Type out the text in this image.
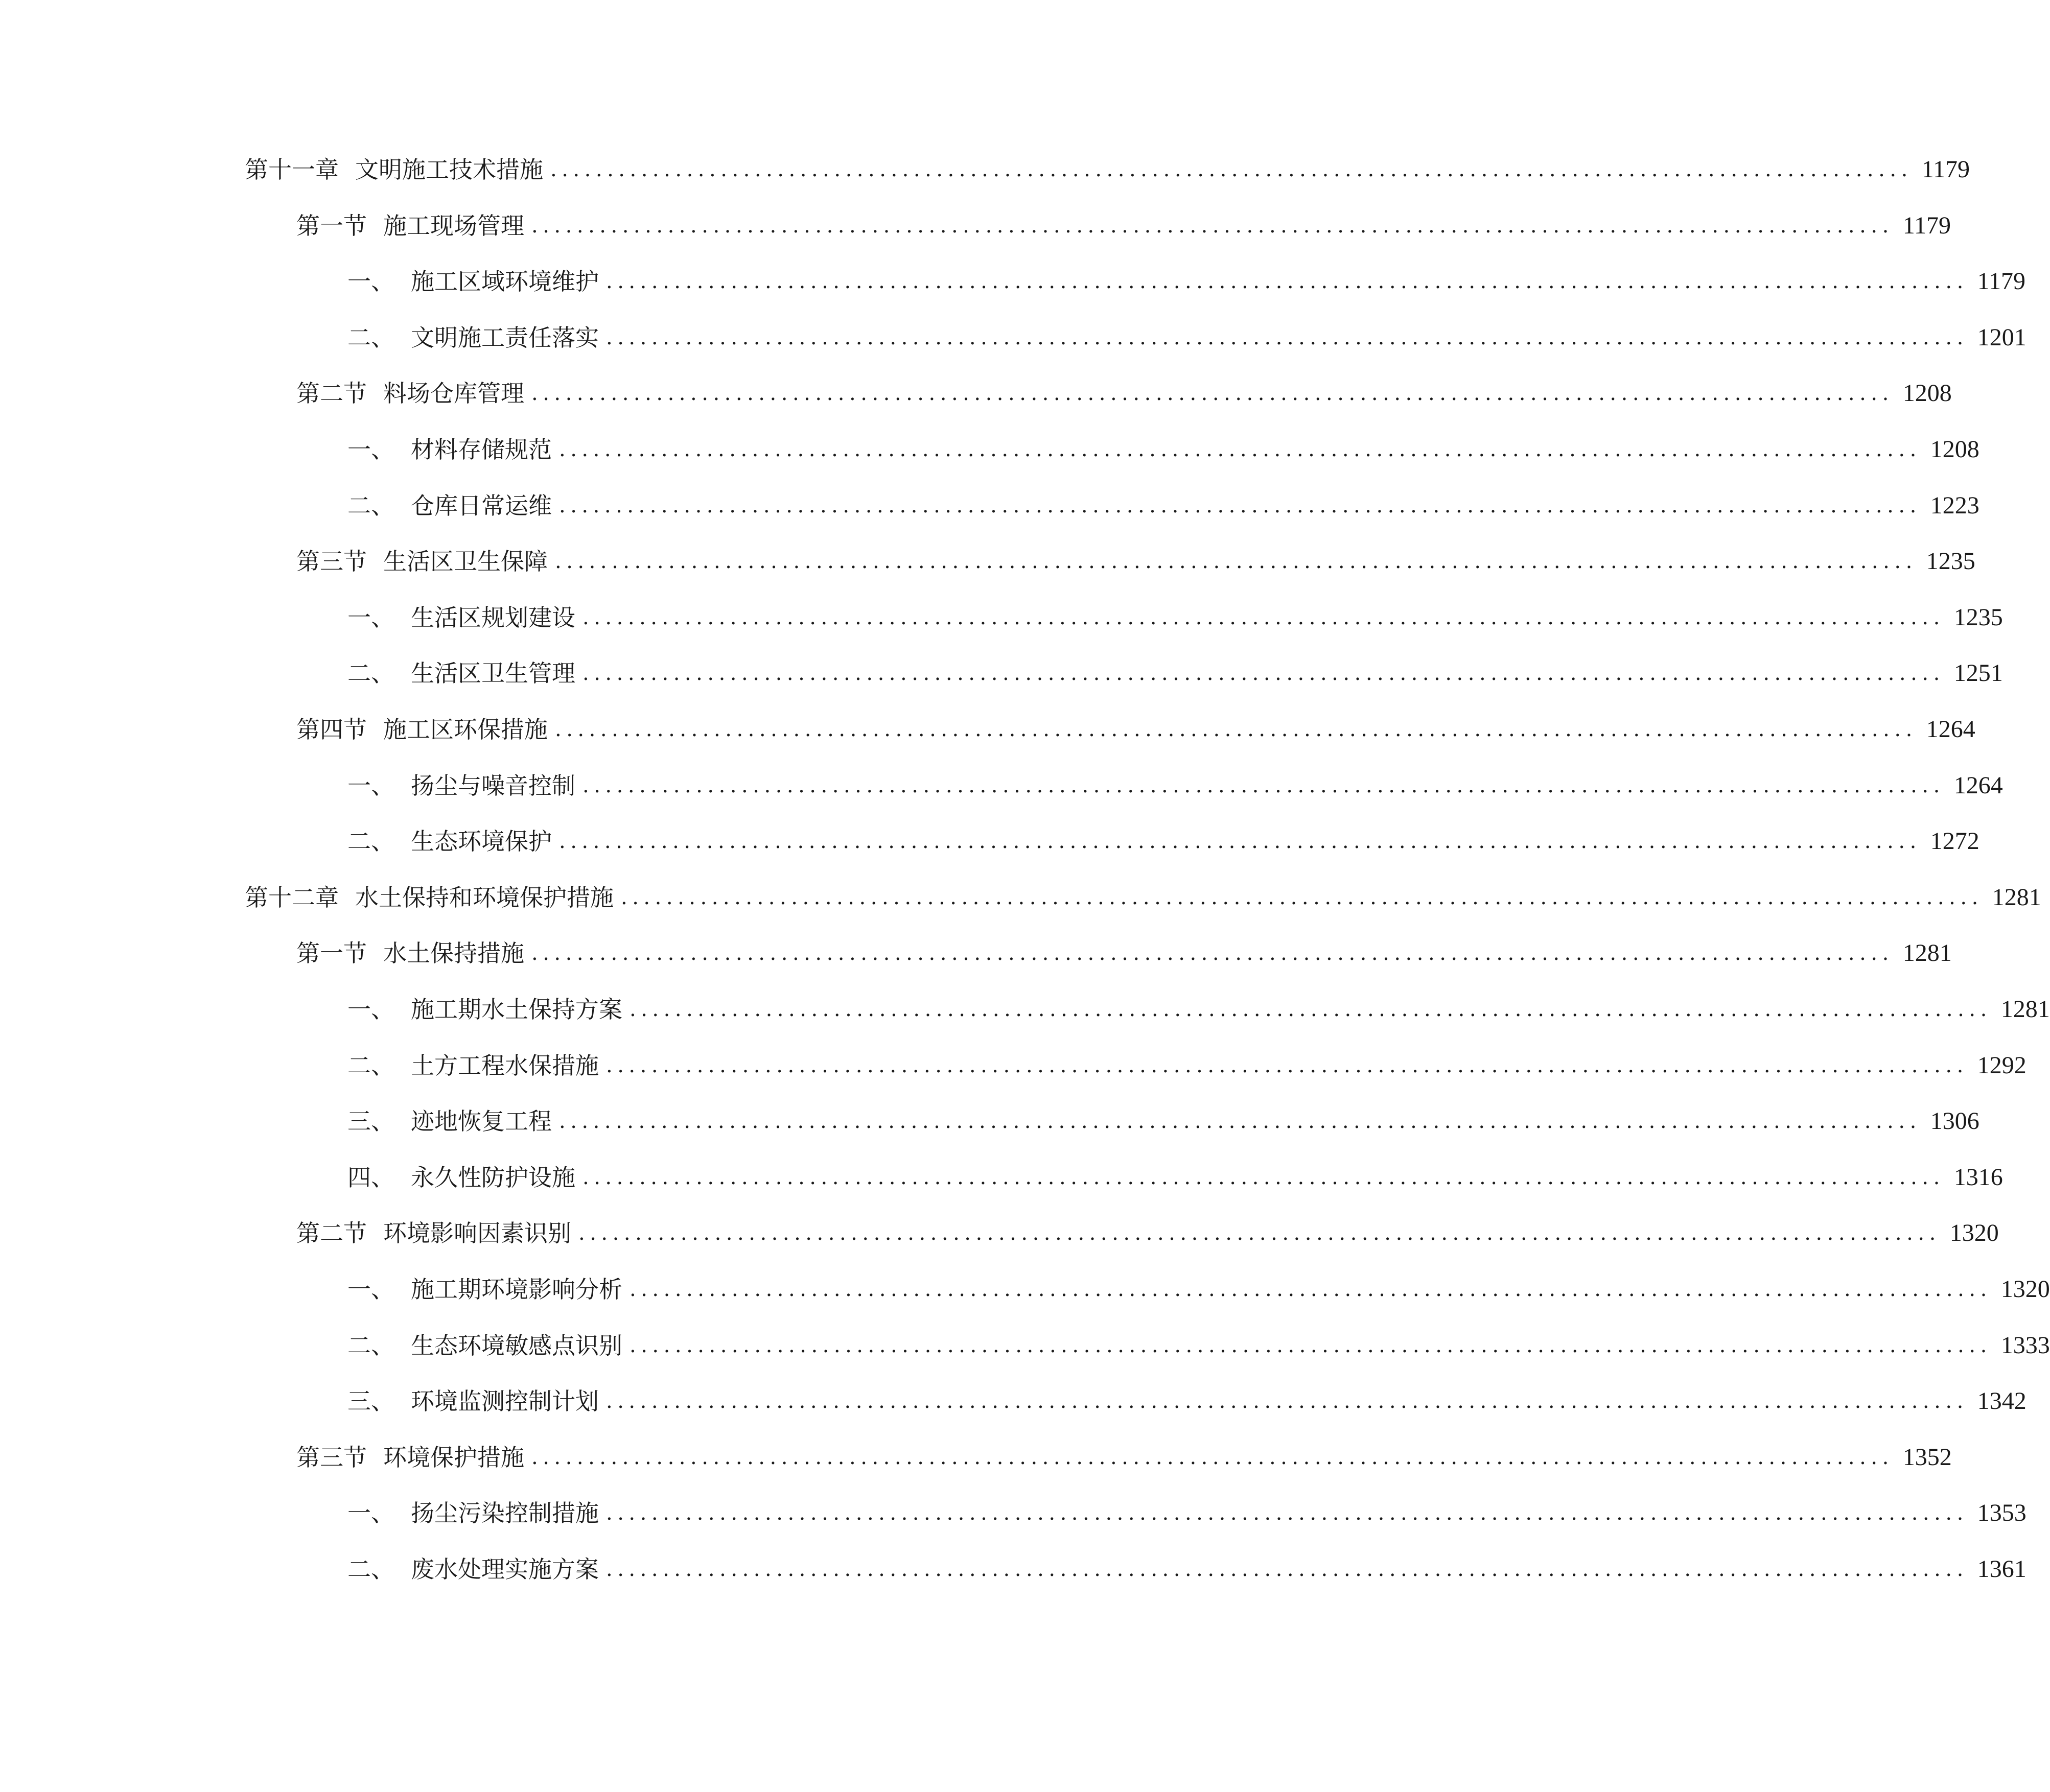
第十一章 文明施工技术措施 ........................................................................................................................ 1179
第一节 施工现场管理 ........................................................................................................................ 1179
一、 施工区域环境维护 ........................................................................................................................ 1179
二、 文明施工责任落实 ........................................................................................................................ 1201
第二节 料场仓库管理 ........................................................................................................................ 1208
一、 材料存储规范 ........................................................................................................................ 1208
二、 仓库日常运维 ........................................................................................................................ 1223
第三节 生活区卫生保障 ........................................................................................................................ 1235
一、 生活区规划建设 ........................................................................................................................ 1235
二、 生活区卫生管理 ........................................................................................................................ 1251
第四节 施工区环保措施 ........................................................................................................................ 1264
一、 扬尘与噪音控制 ........................................................................................................................ 1264
二、 生态环境保护 ........................................................................................................................ 1272
第十二章 水土保持和环境保护措施 ........................................................................................................................ 1281
第一节 水土保持措施 ........................................................................................................................ 1281
一、 施工期水土保持方案 ........................................................................................................................ 1281
二、 土方工程水保措施 ........................................................................................................................ 1292
三、 迹地恢复工程 ........................................................................................................................ 1306
四、 永久性防护设施 ........................................................................................................................ 1316
第二节 环境影响因素识别 ........................................................................................................................ 1320
一、 施工期环境影响分析 ........................................................................................................................ 1320
二、 生态环境敏感点识别 ........................................................................................................................ 1333
三、 环境监测控制计划 ........................................................................................................................ 1342
第三节 环境保护措施 ........................................................................................................................ 1352
一、 扬尘污染控制措施 ........................................................................................................................ 1353
二、 废水处理实施方案 ........................................................................................................................ 1361
